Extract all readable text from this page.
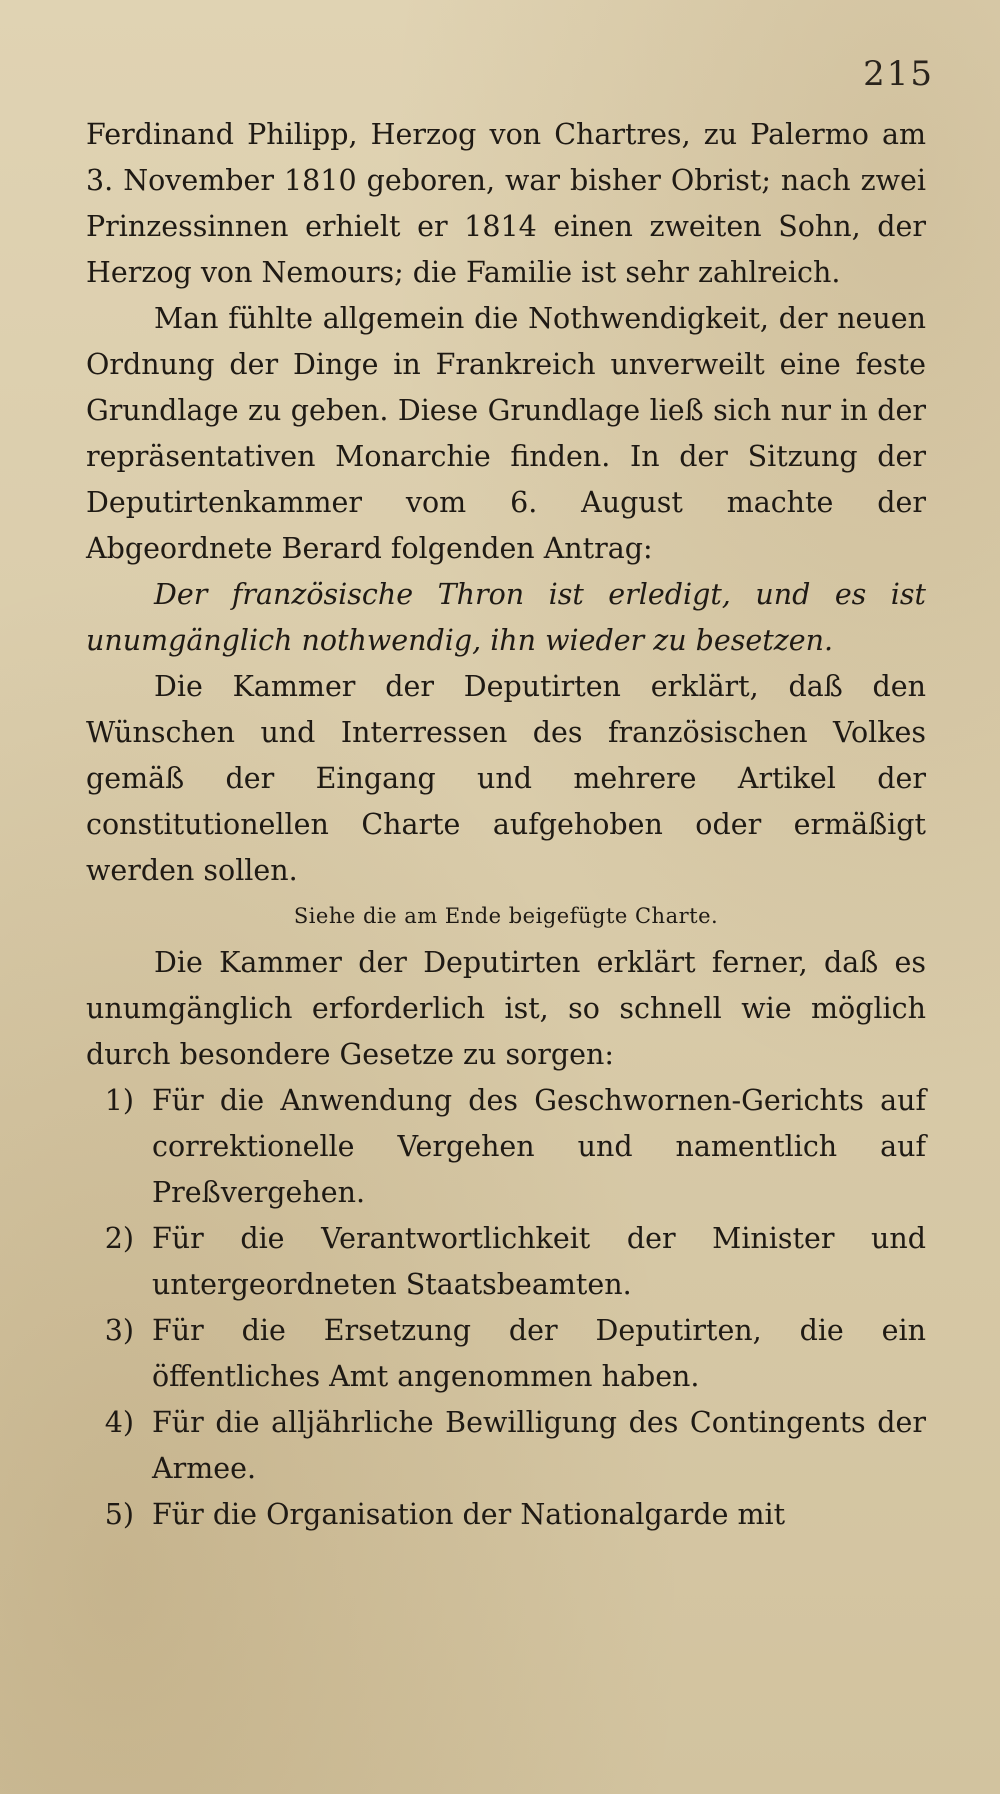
215

Ferdinand Philipp, Herzog von Chartres, zu Palermo am 3. November 1810 geboren, war bisher Obrist; nach zwei Prinzessinnen erhielt er 1814 einen zweiten Sohn, der Herzog von Nemours; die Familie ist sehr zahlreich.

Man fühlte allgemein die Nothwendigkeit, der neuen Ordnung der Dinge in Frankreich unverweilt eine feste Grundlage zu geben. Diese Grundlage ließ sich nur in der repräsentativen Monarchie finden. In der Sitzung der Deputirtenkammer vom 6. August machte der Abgeordnete Berard folgenden Antrag:

Der französische Thron ist erledigt, und es ist unumgänglich nothwendig, ihn wieder zu besetzen.

Die Kammer der Deputirten erklärt, daß den Wünschen und Interressen des französischen Volkes gemäß der Eingang und mehrere Artikel der constitutionellen Charte aufgehoben oder ermäßigt werden sollen.

Siehe die am Ende beigefügte Charte.

Die Kammer der Deputirten erklärt ferner, daß es unumgänglich erforderlich ist, so schnell wie möglich durch besondere Gesetze zu sorgen:

1) Für die Anwendung des Geschwornen-Gerichts auf correktionelle Vergehen und namentlich auf Preßvergehen.
2) Für die Verantwortlichkeit der Minister und untergeordneten Staatsbeamten.
3) Für die Ersetzung der Deputirten, die ein öffentliches Amt angenommen haben.
4) Für die alljährliche Bewilligung des Contingents der Armee.
5) Für die Organisation der Nationalgarde mit
